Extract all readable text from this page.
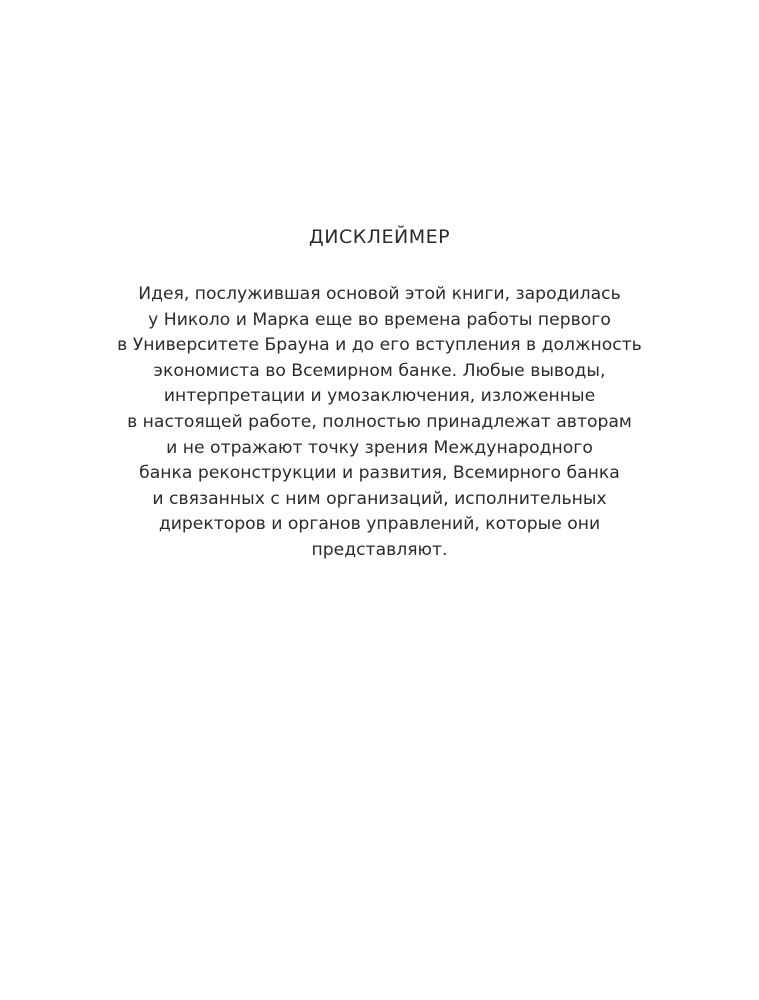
ДИСКЛЕЙМЕР

Идея, послужившая основой этой книги, зародилась
у Николо и Марка еще во времена работы первого
в Университете Брауна и до его вступления в должность
экономиста во Всемирном банке. Любые выводы,
интерпретации и умозаключения, изложенные
в настоящей работе, полностью принадлежат авторам
и не отражают точку зрения Международного
банка реконструкции и развития, Всемирного банка
и связанных с ним организаций, исполнительных
директоров и органов управлений, которые они
представляют.
